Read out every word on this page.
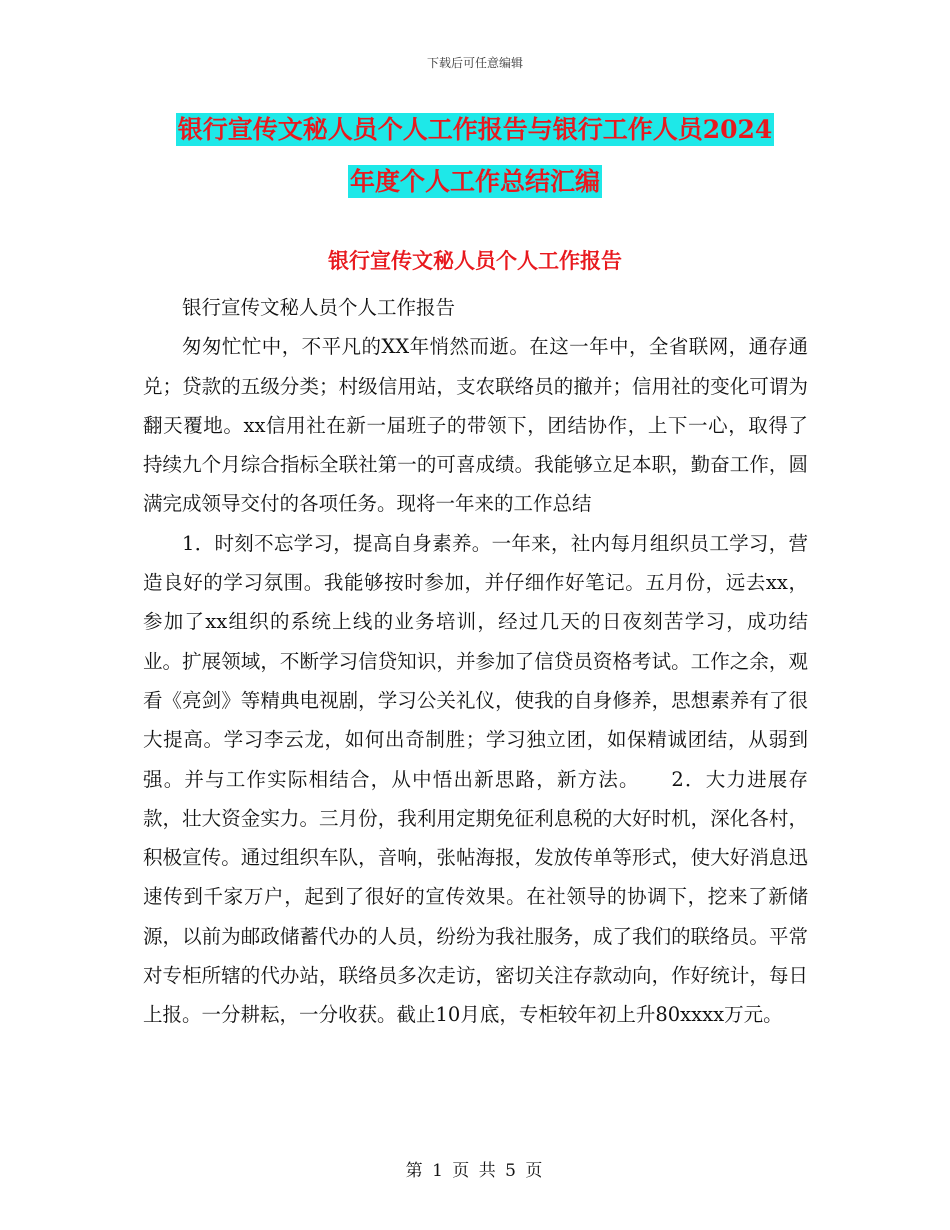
下载后可任意编辑
银行宣传文秘人员个人工作报告与银行工作人员2024
年度个人工作总结汇编
银行宣传文秘人员个人工作报告

银行宣传文秘人员个人工作报告

匆匆忙忙中，不平凡的XX年悄然而逝。在这一年中，全省联网，通存通兑；贷款的五级分类；村级信用站，支农联络员的撤并；信用社的变化可谓为翻天覆地。xx信用社在新一届班子的带领下，团结协作，上下一心，取得了持续九个月综合指标全联社第一的可喜成绩。我能够立足本职，勤奋工作，圆满完成领导交付的各项任务。现将一年来的工作总结

1．时刻不忘学习，提高自身素养。一年来，社内每月组织员工学习，营造良好的学习氛围。我能够按时参加，并仔细作好笔记。五月份，远去xx，参加了xx组织的系统上线的业务培训，经过几天的日夜刻苦学习，成功结业。扩展领域，不断学习信贷知识，并参加了信贷员资格考试。工作之余，观看《亮剑》等精典电视剧，学习公关礼仪，使我的自身修养，思想素养有了很大提高。学习李云龙，如何出奇制胜；学习独立团，如保精诚团结，从弱到强。并与工作实际相结合，从中悟出新思路，新方法。　　2．大力进展存款，壮大资金实力。三月份，我利用定期免征利息税的大好时机，深化各村，积极宣传。通过组织车队，音响，张帖海报，发放传单等形式，使大好消息迅速传到千家万户，起到了很好的宣传效果。在社领导的协调下，挖来了新储源，以前为邮政储蓄代办的人员，纷纷为我社服务，成了我们的联络员。平常对专柜所辖的代办站，联络员多次走访，密切关注存款动向，作好统计，每日上报。一分耕耘，一分收获。截止10月底，专柜较年初上升80xxxx万元。

第 1 页 共 5 页
